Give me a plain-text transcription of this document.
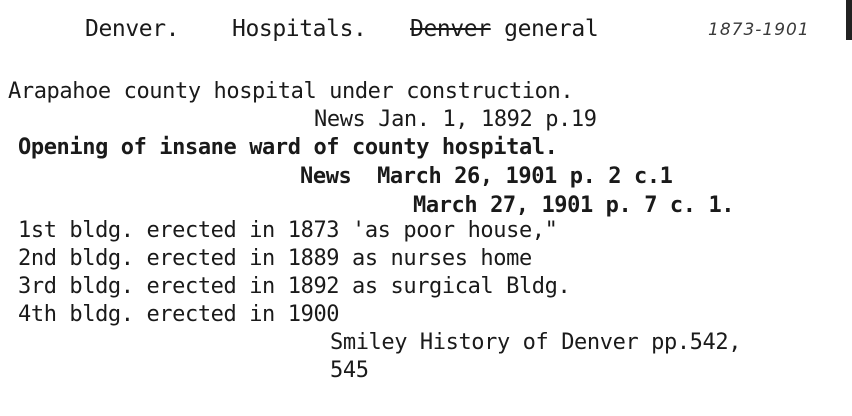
Denver. Hospitals. Denver general	1873-1901
Arapahoe county hospital under construction.
News Jan. 1, 1892 p.19
Opening of insane ward of county hospital.
News  March 26, 1901 p. 2 c.1
March 27, 1901 p. 7 c. 1.
1st bldg. erected in 1873 'as poor house,"
2nd bldg. erected in 1889 as nurses home
3rd bldg. erected in 1892 as surgical Bldg.
4th bldg. erected in 1900
Smiley History of Denver pp.542,
545
